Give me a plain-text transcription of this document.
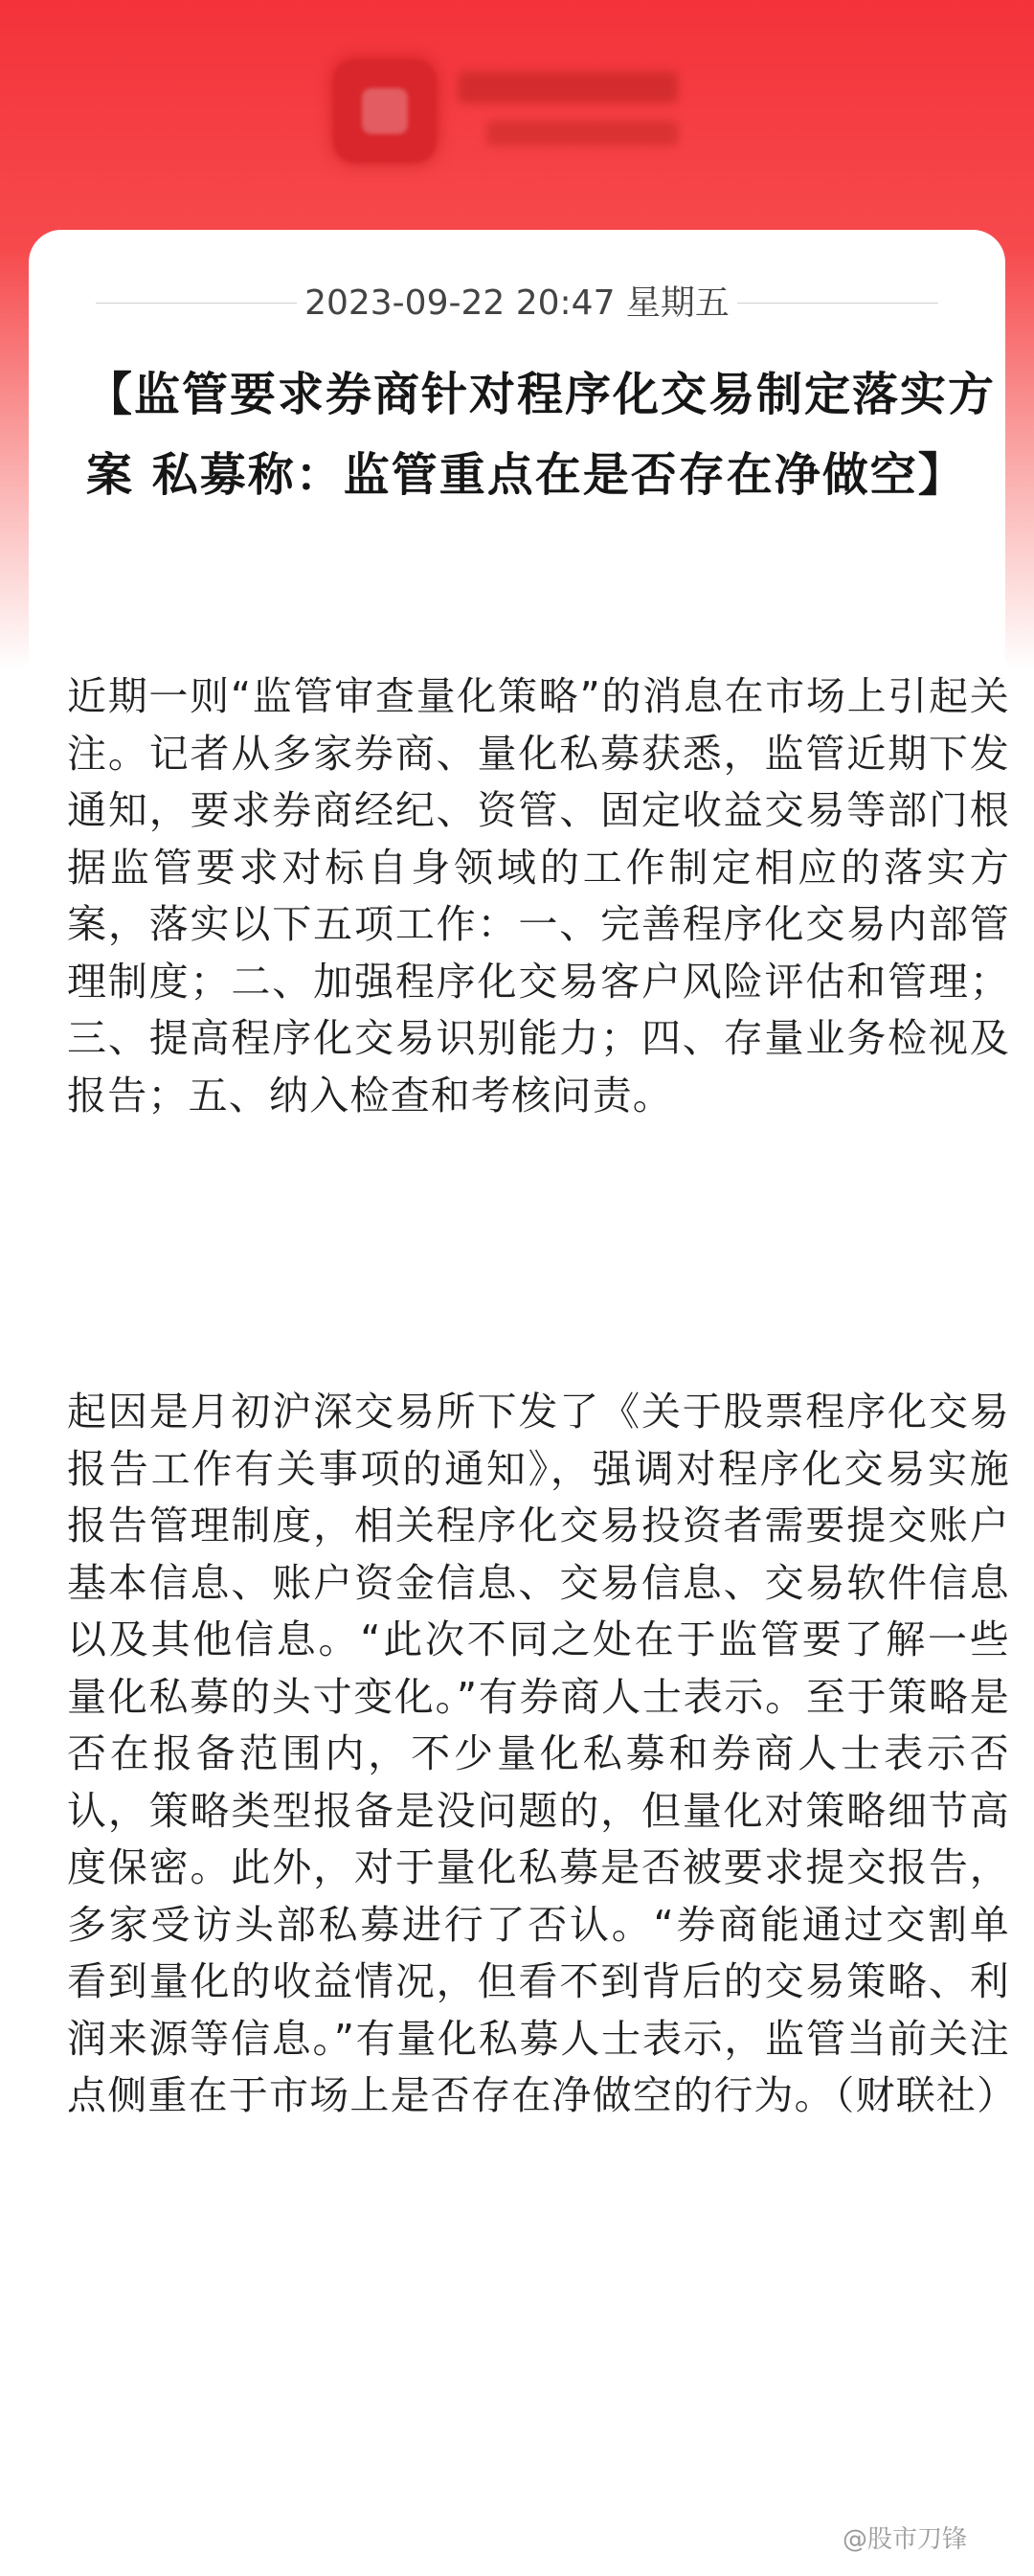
2023-09-22 20:47 星期五
【监管要求券商针对程序化交易制定落实方案 私募称：监管重点在是否存在净做空】
近期一则“监管审查量化策略”的消息在市场上引起关注。记者从多家券商、量化私募获悉，监管近期下发通知，要求券商经纪、资管、固定收益交易等部门根据监管要求对标自身领域的工作制定相应的落实方案，落实以下五项工作：一、完善程序化交易内部管理制度；二、加强程序化交易客户风险评估和管理；三、提高程序化交易识别能力；四、存量业务检视及报告；五、纳入检查和考核问责。
起因是月初沪深交易所下发了《关于股票程序化交易报告工作有关事项的通知》，强调对程序化交易实施报告管理制度，相关程序化交易投资者需要提交账户基本信息、账户资金信息、交易信息、交易软件信息以及其他信息。“此次不同之处在于监管要了解一些量化私募的头寸变化。”有券商人士表示。至于策略是否在报备范围内，不少量化私募和券商人士表示否认，策略类型报备是没问题的，但量化对策略细节高度保密。此外，对于量化私募是否被要求提交报告，多家受访头部私募进行了否认。“券商能通过交割单看到量化的收益情况，但看不到背后的交易策略、利润来源等信息。”有量化私募人士表示，监管当前关注点侧重在于市场上是否存在净做空的行为。（财联社）
@股市刀锋
